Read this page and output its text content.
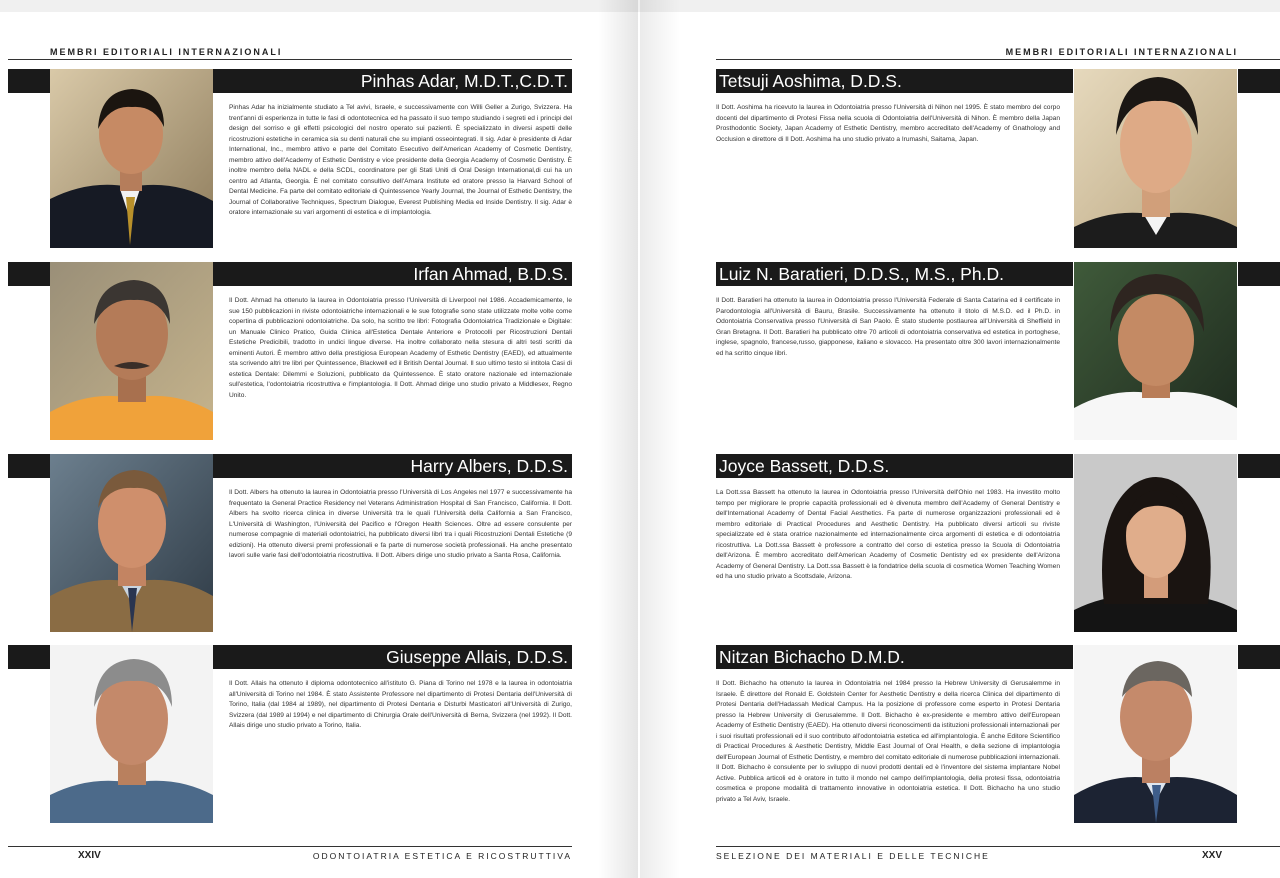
MEMBRI EDITORIALI INTERNAZIONALI	MEMBRI EDITORIALI INTERNAZIONALI
Pinhas Adar, M.D.T.,C.D.T.
Pinhas Adar ha inizialmente studiato a Tel avivi, Israele, e successivamente con Willi Geller a Zurigo, Svizzera. Ha trent'anni di esperienza in tutte le fasi di odontotecnica ed ha passato il suo tempo studiando i segreti ed i principi del design del sorriso e gli effetti psicologici del nostro operato sui pazienti. È specializzato in diversi aspetti delle ricostruzioni estetiche in ceramica sia su denti naturali che su impianti osseointegrati. Il sig. Adar è presidente di Adar International, Inc., membro attivo e parte del Comitato Esecutivo dell'American Academy of Cosmetic Dentistry, membro attivo dell'Academy of Esthetic Dentistry e vice presidente della Georgia Academy of Cosmetic Dentistry. È inoltre membro della NADL e della SCDL, coordinatore per gli Stati Uniti di Oral Design International,di cui ha un centro ad Atlanta, Georgia. È nel comitato consultivo dell'Amara Institute ed oratore presso la Harvard School of Dental Medicine. Fa parte del comitato editoriale di Quintessence Yearly Journal, the Journal of Esthetic Dentistry, the Journal of Collaborative Techniques, Spectrum Dialogue, Everest Publishing Media ed Inside Dentistry. Il sig. Adar è oratore internazionale su vari argomenti di estetica e di implantologia.
Irfan Ahmad, B.D.S.
Il Dott. Ahmad ha ottenuto la laurea in Odontoiatria presso l'Università di Liverpool nel 1986. Accademicamente, le sue 150 pubblicazioni in riviste odontoiatriche internazionali e le sue fotografie sono state utilizzate molte volte come copertina di pubblicazioni odontoiatriche. Da solo, ha scritto tre libri: Fotografia Odontoiatrica Tradizionale e Digitale: un Manuale Clinico Pratico, Guida Clinica all'Estetica Dentale Anteriore e Protocolli per Ricostruzioni Dentali Estetiche Predicibili, tradotto in undici lingue diverse. Ha inoltre collaborato nella stesura di altri testi scritti da eminenti Autori. È membro attivo della prestigiosa European Academy of Esthetic Dentistry (EAED), ed attualmente sta scrivendo altri tre libri per Quintessence, Blackwell ed il British Dental Journal. Il suo ultimo testo si intitola Casi di estetica Dentale: Dilemmi e Soluzioni, pubblicato da Quintessence. È stato oratore nazionale ed internazionale sull'estetica, l'odontoiatria ricostruttiva e l'implantologia. Il Dott. Ahmad dirige uno studio privato a Middlesex, Regno Unito.
Harry Albers, D.D.S.
Il Dott. Albers ha ottenuto la laurea in Odontoiatria presso l'Università di Los Angeles nel 1977 e successivamente ha frequentato la General Practice Residency nel Veterans Administration Hospital di San Francisco, California. Il Dott. Albers ha svolto ricerca clinica in diverse Università tra le quali l'Università della California a San Francisco, L'Università di Washington, l'Università del Pacifico e l'Oregon Health Sciences. Oltre ad essere consulente per numerose compagnie di materiali odontoiatrici, ha pubblicato diversi libri tra i quali Ricostruzioni Dentali Estetiche (9 edizioni). Ha ottenuto diversi premi professionali e fa parte di numerose società professionali. Ha anche presentato lavori sulle varie fasi dell'odontoiatria ricostruttiva. Il Dott. Albers dirige uno studio privato a Santa Rosa, California.
Giuseppe Allais, D.D.S.
Il Dott. Allais ha ottenuto il diploma odontotecnico all'istituto G. Piana di Torino nel 1978 e la laurea in odontoiatria all'Università di Torino nel 1984. È stato Assistente Professore nel dipartimento di Protesi Dentaria dell'Università di Torino, Italia (dal 1984 al 1989), nel dipartimento di Protesi Dentaria e Disturbi Masticatori all'Università di Zurigo, Svizzera (dal 1989 al 1994) e nel dipartimento di Chirurgia Orale dell'Università di Berna, Svizzera (nel 1992). Il Dott. Allais dirige uno studio privato a Torino, Italia.
Tetsuji Aoshima, D.D.S.
Il Dott. Aoshima ha ricevuto la laurea in Odontoiatria presso l'Università di Nihon nel 1995. È stato membro del corpo docenti del dipartimento di Protesi Fissa nella scuola di Odontoiatria dell'Università di Nihon. È membro della Japan Prosthodontic Society, Japan Academy of Esthetic Dentistry, membro accreditato dell'Academy of Gnathology and Occlusion e direttore di Il Dott. Aoshima ha uno studio privato a Irumashi, Saitama, Japan.
Luiz N. Baratieri, D.D.S., M.S., Ph.D.
Il Dott. Baratieri ha ottenuto la laurea in Odontoiatria presso l'Università Federale di Santa Catarina ed il certificate in Parodontologia all'Università di Bauru, Brasile. Successivamente ha ottenuto il titolo di M.S.D. ed il Ph.D. in Odontoiatria Conservativa presso l'Università di San Paolo. È stato studente postlaurea all'Università di Sheffield in Gran Bretagna. Il Dott. Baratieri ha pubblicato oltre 70 articoli di odontoiatria conservativa ed estetica in portoghese, inglese, spagnolo, francese,russo, giapponese, italiano e slovacco. Ha presentato oltre 300 lavori internazionalmente ed ha scritto cinque libri.
Joyce Bassett, D.D.S.
La Dott.ssa Bassett ha ottenuto la laurea in Odontoiatria presso l'Università dell'Ohio nel 1983. Ha investito molto tempo per migliorare le proprie capacità professionali ed è divenuta membro dell'Academy of General Dentistry e dell'International Academy of Dental Facial Aesthetics. Fa parte di numerose organizzazioni professionali ed è membro editoriale di Practical Procedures and Aesthetic Dentistry. Ha pubblicato diversi articoli su riviste specializzate ed è stata oratrice nazionalmente ed internazionalmente circa argomenti di estetica e di odontoiatria ricostruttiva. La Dott.ssa Bassett è professore a contratto del corso di estetica presso la Scuola di Odontoiatria dell'Arizona. È membro accreditato dell'American Academy of Cosmetic Dentistry ed ex presidente dell'Arizona Academy of General Dentistry. La Dott.ssa Bassett è la fondatrice della scuola di cosmetica Women Teaching Women ed ha uno studio privato a Scottsdale, Arizona.
Nitzan Bichacho D.M.D.
Il Dott. Bichacho ha ottenuto la laurea in Odontoiatria nel 1984 presso la Hebrew University di Gerusalemme in Israele. È direttore del Ronald E. Goldstein Center for Aesthetic Dentistry e della ricerca Clinica del dipartimento di Protesi Dentaria dell'Hadassah Medical Campus. Ha la posizione di professore come esperto in Protesi Dentaria presso la Hebrew University di Gerusalemme. Il Dott. Bichacho è ex-presidente e membro attivo dell'European Academy of Esthetic Dentistry (EAED). Ha ottenuto diversi riconoscimenti da istituzioni professionali internazionali per i suoi risultati professionali ed il suo contributo all'odontoiatria estetica ed all'implantologia. È anche Editore Scientifico di Practical Procedures & Aesthetic Dentistry, Middle East Journal of Oral Health, e della sezione di implantologia dell'European Journal of Esthetic Dentistry, e membro del comitato editoriale di numerose pubblicazioni internazionali. Il Dott. Bichacho è consulente per lo sviluppo di nuovi prodotti dentali ed è l'inventore del sistema implantare Nobel Active. Pubblica articoli ed è oratore in tutto il mondo nel campo dell'implantologia, della protesi fissa, odontoiatria cosmetica e propone modalità di trattamento innovative in odontoiatria estetica. Il Dott. Bichacho ha uno studio privato a Tel Aviv, Israele.
XXIV	ODONTOIATRIA ESTETICA E RICOSTRUTTIVA	SELEZIONE DEI MATERIALI E DELLE TECNICHE	XXV
